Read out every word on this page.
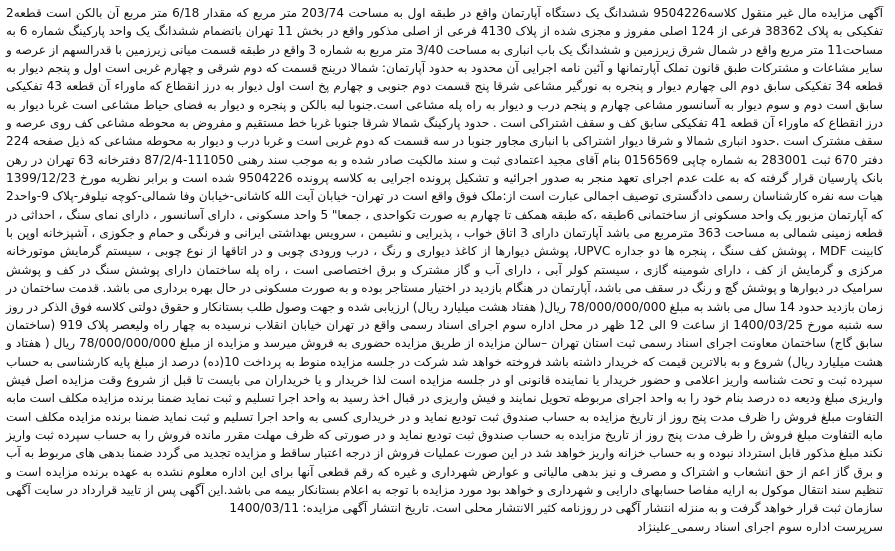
آگهی مزایده مال غیر منقول کلاسه9504226 ششدانگ یک دستگاه آپارتمان واقع در طبقه اول به مساحت 203/74 متر مربع که مقدار 6/18 متر مربع آن بالکن است قطعه2 تفکیکی به پلاک 38362 فرعی از 124 اصلی مفروز و مجزی شده از پلاک 4130 فرعی از اصلی مذکور واقع در بخش 11 تهران باتضمام ششدانگ یک واحد پارکینگ شماره 6 به مساحت11 متر مربع واقع در شمال شرق زیرزمین و ششدانگ یک باب انباری به مساحت 3/40 متر مربع به شماره 3 واقع در طبقه قسمت میانی زیرزمین با قدرالسهم از عرصه و سایر مشاعات و مشترکات طبق قانون تملک آپارتمانها و آئین نامه اجرایی آن محدود به حدود آپارتمان: شمالا درینج قسمت که دوم شرقی و چهارم غربی است اول و پنجم دیوار به قطعه 34 تفکیکی سابق دوم الی چهارم دیوار و پنجره به نورگیر مشاعی شرقا پنج قسمت دوم جنوبی و چهارم پخ است اول دیوار به درز انقطاع که ماوراء آن قطعه 43 تفکیکی سابق است دوم و سوم دیوار به آسانسور مشاعی چهارم و پنجم درب و دیوار به راه پله مشاعی است.جنوبا لبه بالکن و پنجره و دیوار به فضای حیاط مشاعی است غربا دیوار به درز انقطاع که ماوراء آن قطعه 41 تفکیکی سابق کف و سقف اشتراکی است . حدود پارکینگ شمالا شرقا جنوبا غربا خط مستقیم و مفروض به محوطه مشاعی کف روی عرصه و سقف مشترک است .حدود انباری شمالا و شرقا دیوار اشتراکی با انباری مجاور جنوبا در سه قسمت که دوم غربی است و غربا درب و دیوار به محوطه مشاعی که ذیل صفحه 224 دفتر 670 ثبت 283001 به شماره چاپی 0156569 بنام آقای مجید اعتمادی ثبت و سند مالکیت صادر شده و به موجب سند رهنی 111050-87/2/4 دفترخانه 63 تهران در رهن بانک پارسیان قرار گرفته که به علت عدم اجرای تعهد منجر به صدور اجرائیه و تشکیل پرونده اجرایی به کلاسه پرونده 9504226 شده است و برابر نظریه مورخ 1399/12/23 هیات سه نفره کارشناسان رسمی دادگستری توصیف اجمالی عبارت است از:ملک فوق واقع است در تهران- خیابان آیت الله کاشانی-خیابان وفا شمالی-کوچه نیلوفر-پلاک 9-واحد2 که آپارتمان مزبور یک واحد مسکونی از ساختمانی 6طبقه ،که طبقه همکف تا چهارم به صورت تکواحدی ، جمعا" 5 واحد مسکونی ، دارای آسانسور ، دارای نمای سنگ ، احداثی در قطعه زمینی شمالی به مساحت 363 مترمربع می باشد آپارتمان دارای 3 اتاق خواب ، پذیرایی و نشیمن ، سرویس بهداشتی ایرانی و فرنگی و حمام و جکوزی ، آشپزخانه اوپن با کابینت MDF ، پوشش کف سنگ ، پنجره ها دو جداره UPVC، پوشش دیوارها از کاغذ دیواری و رنگ ، درب ورودی چوبی و در اتاقها از نوع چوبی ، سیستم گرمایش موتورخانه مرکزی و گرمایش از کف ، دارای شومینه گازی ، سیستم کولر آبی ، دارای آب و گاز مشترک و برق اختصاصی است ، راه پله ساختمان دارای پوشش سنگ در کف و پوشش سرامیک در دیوارها و پوشش گچ و رنگ در سقف می باشد، آپارتمان در هنگام بازدید در اختیار مستاجر بوده و به صورت مسکونی در حال بهره برداری می باشد. قدمت ساختمان در زمان بازدید حدود 14 سال می باشد به مبلغ 78/000/000/000 ریال( هفتاد هشت میلیارد ریال) ارزیابی شده و جهت وصول طلب بستانکار و حقوق دولتی کلاسه فوق الذکر در روز سه شنبه مورخ 1400/03/25 از ساعت 9 الی 12 ظهر در محل اداره سوم اجرای اسناد رسمی واقع در تهران خیابان انقلاب نرسیده به چهار راه ولیعصر پلاک 919 (ساختمان سابق گاج) ساختمان معاونت اجرای اسناد رسمی ثبت استان تهران –سالن مزایده از طریق مزایده حضوری به فروش میرسد و مزایده از مبلغ 78/000/000/000 ریال ( هفتاد و هشت میلیارد ریال) شروع و به بالاترین قیمت که خریدار داشته باشد فروخته خواهد شد شرکت در جلسه مزایده منوط به پرداخت 10(ده) درصد از مبلغ پایه کارشناسی به حساب سپرده ثبت و تحت شناسه واریز اعلامی و حضور خریدار یا نماینده قانونی او در جلسه مزایده است لذا خریدار و یا خریداران می بایست تا قبل از شروع وقت مزایده اصل فیش واریزی مبلغ ودیعه ده درصد بنام خود را به واحد اجرای مربوطه تحویل نمایند و فیش واریزی در قبال اخذ رسید به واحد اجرا تسلیم و ثبت نماید ضمنا برنده مزایده مکلف است مابه التفاوت مبلغ فروش را ظرف مدت پنج روز از تاریخ مزایده به حساب صندوق ثبت تودیع نماید و در خریداری کسی به واحد اجرا تسلیم و ثبت نماید ضمنا برنده مزایده مکلف است مابه التفاوت مبلغ فروش را ظرف مدت پنج روز از تاریخ مزایده به حساب صندوق ثبت تودیع نماید و در صورتی که ظرف مهلت مقرر مانده فروش را به حساب سپرده ثبت واریز نکند مبلغ مذکور قابل استرداد نبوده و به حساب خزانه واریز خواهد شد در این صورت عملیات فروش از درجه اعتبار ساقط و مزایده تجدید می گردد ضمنا بدهی های مربوط به آب و برق گاز اعم از حق انشعاب و اشتراک و مصرف و نیز بدهی مالیاتی و عوارض شهرداری و غیره که رقم قطعی آنها برای این اداره معلوم نشده به عهده برنده مزایده است و تنظیم سند انتقال موکول به ارایه مفاصا حسابهای دارایی و شهرداری و خواهد بود مورد مزایده با توجه به اعلام بستانکار بیمه می باشد.این آگهی پس از تایید قرارداد در سایت آگهی سازمان ثبت قرار خواهد گرفت و به منزله انتشار آگهی در روزنامه کثیر الانتشار محلی است. تاریخ انتشار آگهی مزایده: 1400/03/11

سرپرست اداره سوم اجرای اسناد رسمی_علینژاد
